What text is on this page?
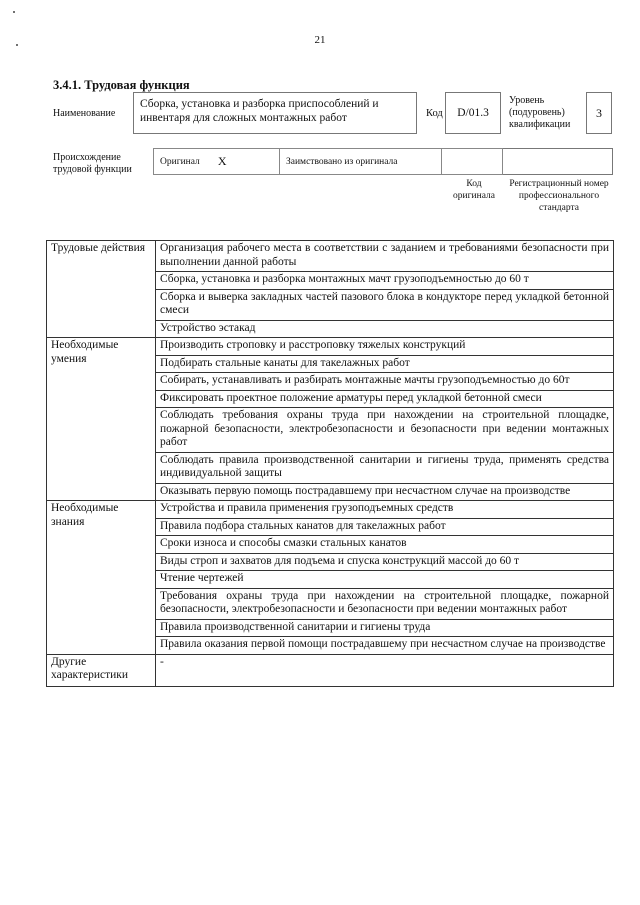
21
3.4.1. Трудовая функция
Наименование
Сборка, установка и разборка приспособлений и инвентаря для сложных монтажных работ	Код	D/01.3
Уровень (подуровень) квалификации
3
Происхождение трудовой функции
Оригинал X	Заимствовано из оригинала
Код оригинала
Регистрационный номер профессионального стандарта
Трудовые действия	Организация рабочего места в соответствии с заданием и требованиями безопасности при выполнении данной работы

	Сборка, установка и разборка монтажных мачт грузоподъемностью до 60 т

	Сборка и выверка закладных частей пазового блока в кондукторе перед укладкой бетонной смеси

	Устройство эстакад

Необходимые умения	Производить строповку и расстроповку тяжелых конструкций

	Подбирать стальные канаты для такелажных работ

	Собирать, устанавливать и разбирать монтажные мачты грузоподъемностью до 60т

	Фиксировать проектное положение арматуры перед укладкой бетонной смеси

	Соблюдать требования охраны труда при нахождении на строительной площадке, пожарной безопасности, электробезопасности и безопасности при ведении монтажных работ

	Соблюдать правила производственной санитарии и гигиены труда, применять средства индивидуальной защиты

	Оказывать первую помощь пострадавшему при несчастном случае на производстве

Необходимые знания	Устройства и правила применения грузоподъемных средств

	Правила подбора стальных канатов для такелажных работ

	Сроки износа и способы смазки стальных канатов

	Виды строп и захватов для подъема и спуска конструкций массой до 60 т

	Чтение чертежей

	Требования охраны труда при нахождении на строительной площадке, пожарной безопасности, электробезопасности и безопасности при ведении монтажных работ

	Правила производственной санитарии и гигиены труда

	Правила оказания первой помощи пострадавшему при несчастном случае на производстве

Другие характеристики	-
